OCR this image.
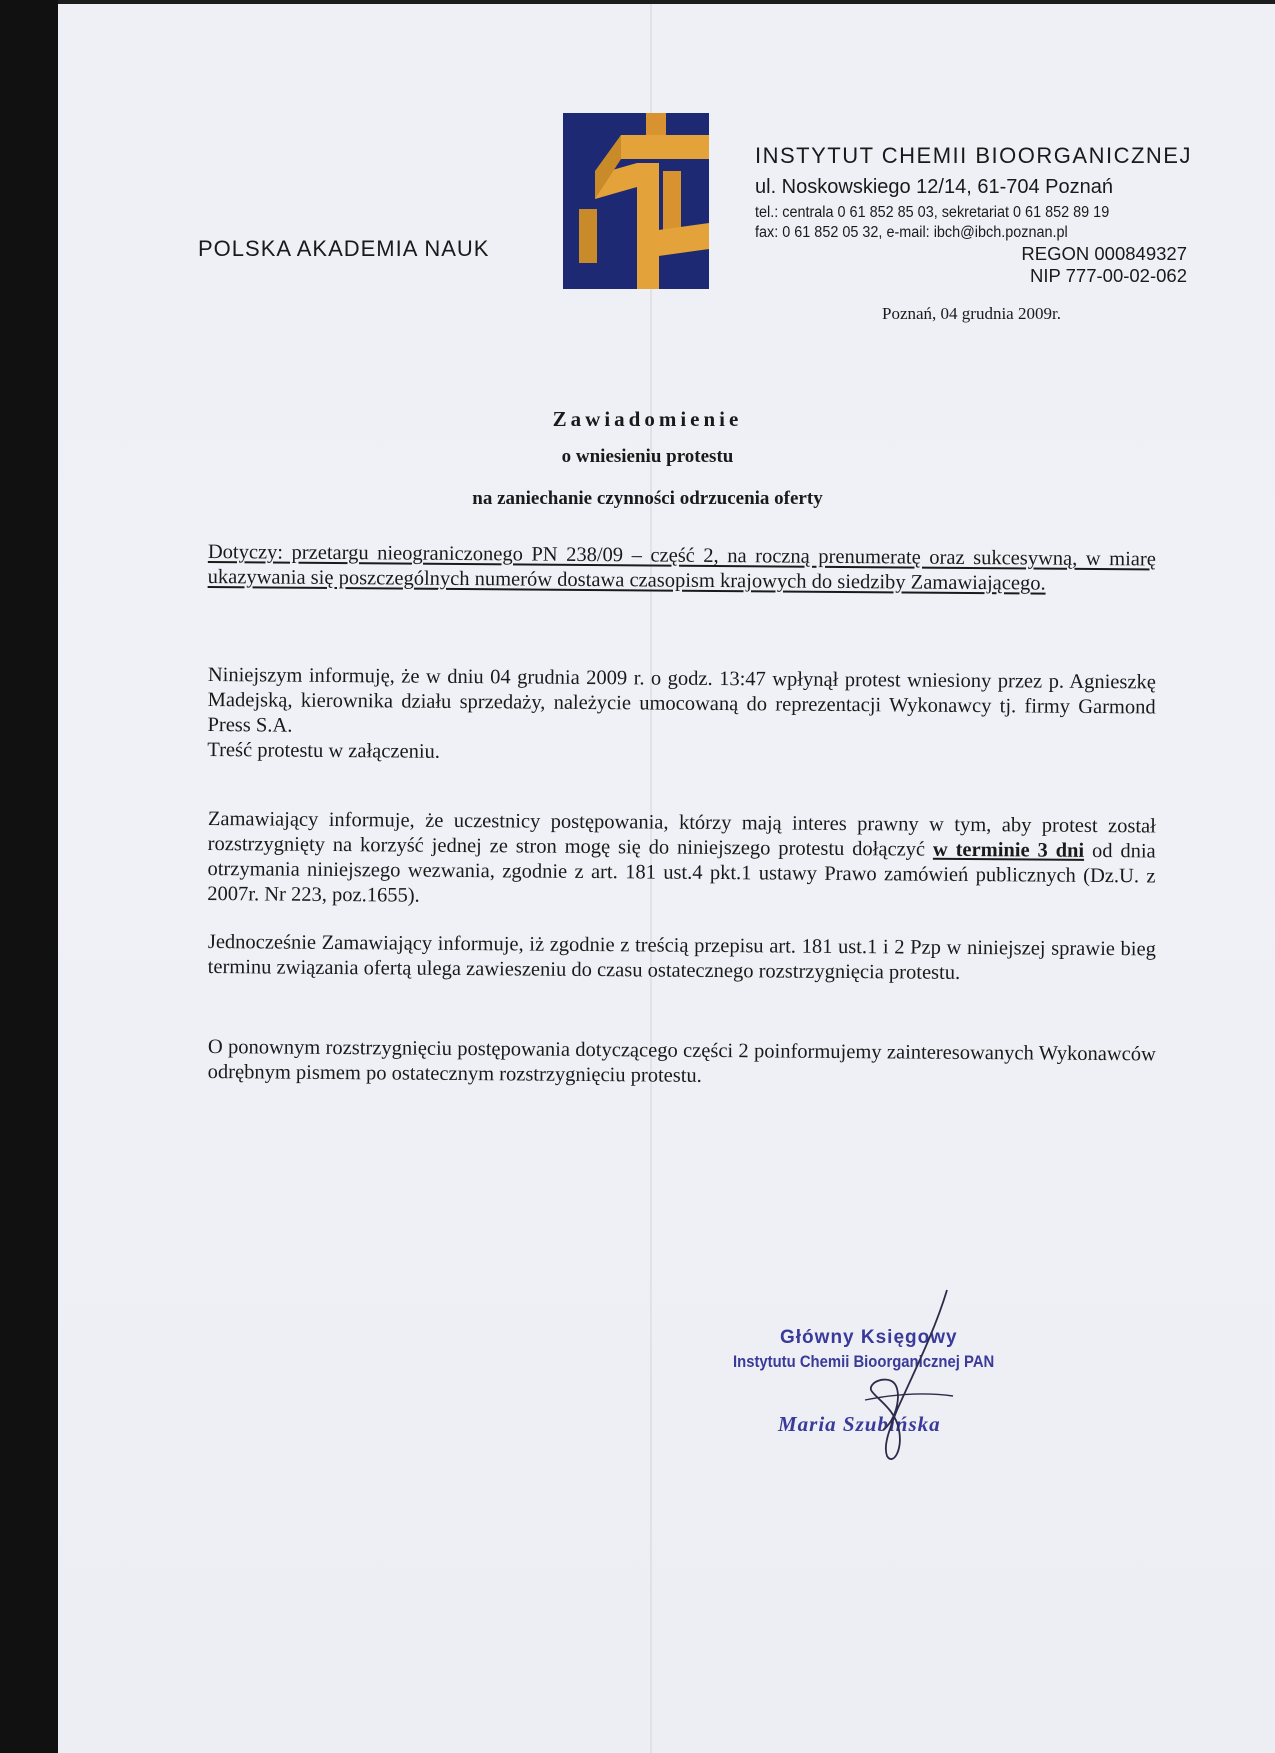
POLSKA AKADEMIA NAUK
INSTYTUT CHEMII BIOORGANICZNEJ
ul. Noskowskiego 12/14, 61-704 Poznań
tel.: centrala 0 61 852 85 03, sekretariat 0 61 852 89 19
fax: 0 61 852 05 32, e-mail: ibch@ibch.poznan.pl
REGON 000849327
NIP 777-00-02-062
Poznań, 04 grudnia 2009r.
Zawiadomienie
o wniesieniu protestu
na zaniechanie czynności odrzucenia oferty
Dotyczy: przetargu nieograniczonego PN 238/09 – część 2, na roczną prenumeratę oraz sukcesywną, w miarę ukazywania się poszczególnych numerów dostawa czasopism krajowych do siedziby Zamawiającego.
Niniejszym informuję, że w dniu 04 grudnia 2009 r. o godz. 13:47 wpłynął protest wniesiony przez p. Agnieszkę Madejską, kierownika działu sprzedaży, należycie umocowaną do reprezentacji Wykonawcy tj. firmy Garmond Press S.A.
Treść protestu w załączeniu.
Zamawiający informuje, że uczestnicy postępowania, którzy mają interes prawny w tym, aby protest został rozstrzygnięty na korzyść jednej ze stron mogę się do niniejszego protestu dołączyć w terminie 3 dni od dnia otrzymania niniejszego wezwania, zgodnie z art. 181 ust.4 pkt.1 ustawy Prawo zamówień publicznych (Dz.U. z 2007r. Nr 223, poz.1655).
Jednocześnie Zamawiający informuje, iż zgodnie z treścią przepisu art. 181 ust.1 i 2 Pzp w niniejszej sprawie bieg terminu związania ofertą ulega zawieszeniu do czasu ostatecznego rozstrzygnięcia protestu.
O ponownym rozstrzygnięciu postępowania dotyczącego części 2 poinformujemy zainteresowanych Wykonawców odrębnym pismem po ostatecznym rozstrzygnięciu protestu.
Główny Księgowy
Instytutu Chemii Bioorganicznej PAN
Maria Szubińska
